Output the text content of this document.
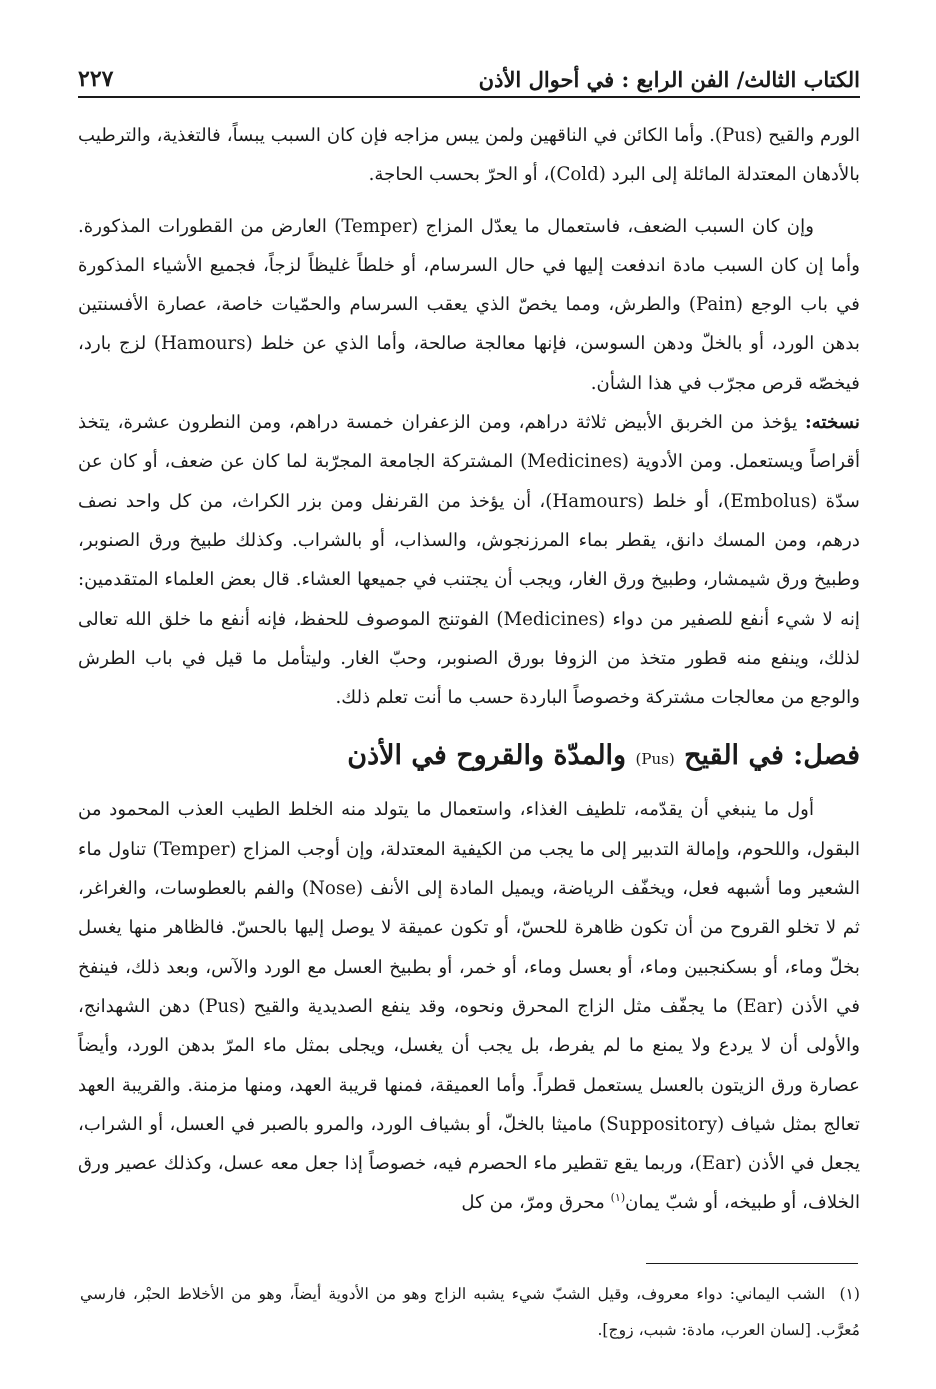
الكتاب الثالث/ الفن الرابع : في أحوال الأذن
٢٢٧

الورم والقيح (Pus). وأما الكائن في الناقهين ولمن يبس مزاجه فإن كان السبب يبساً، فالتغذية، والترطيب بالأدهان المعتدلة المائلة إلى البرد (Cold)، أو الحرّ بحسب الحاجة.

وإن كان السبب الضعف، فاستعمال ما يعدّل المزاج (Temper) العارض من القطورات المذكورة. وأما إن كان السبب مادة اندفعت إليها في حال السرسام، أو خلطاً غليظاً لزجاً، فجميع الأشياء المذكورة في باب الوجع (Pain) والطرش، ومما يخصّ الذي يعقب السرسام والحمّيات خاصة، عصارة الأفسنتين بدهن الورد، أو بالخلّ ودهن السوسن، فإنها معالجة صالحة، وأما الذي عن خلط (Hamours) لزج بارد، فيخصّه قرص مجرّب في هذا الشأن.

نسخته: يؤخذ من الخربق الأبيض ثلاثة دراهم، ومن الزعفران خمسة دراهم، ومن النطرون عشرة، يتخذ أقراصاً ويستعمل. ومن الأدوية (Medicines) المشتركة الجامعة المجرّبة لما كان عن ضعف، أو كان عن سدّة (Embolus)، أو خلط (Hamours)، أن يؤخذ من القرنفل ومن بزر الكراث، من كل واحد نصف درهم، ومن المسك دانق، يقطر بماء المرزنجوش، والسذاب، أو بالشراب. وكذلك طبيخ ورق الصنوبر، وطبيخ ورق شيمشار، وطبيخ ورق الغار، ويجب أن يجتنب في جميعها العشاء. قال بعض العلماء المتقدمين: إنه لا شيء أنفع للصفير من دواء (Medicines) الفوتنج الموصوف للحفظ، فإنه أنفع ما خلق الله تعالى لذلك، وينفع منه قطور متخذ من الزوفا بورق الصنوبر، وحبّ الغار. وليتأمل ما قيل في باب الطرش والوجع من معالجات مشتركة وخصوصاً الباردة حسب ما أنت تعلم ذلك.

فصل: في القيح (Pus) والمدّة والقروح في الأذن

أول ما ينبغي أن يقدّمه، تلطيف الغذاء، واستعمال ما يتولد منه الخلط الطيب العذب المحمود من البقول، واللحوم، وإمالة التدبير إلى ما يجب من الكيفية المعتدلة، وإن أوجب المزاج (Temper) تناول ماء الشعير وما أشبهه فعل، ويخفّف الرياضة، ويميل المادة إلى الأنف (Nose) والفم بالعطوسات، والغراغر، ثم لا تخلو القروح من أن تكون ظاهرة للحسّ، أو تكون عميقة لا يوصل إليها بالحسّ. فالظاهر منها يغسل بخلّ وماء، أو بسكنجبين وماء، أو بعسل وماء، أو خمر، أو بطبيخ العسل مع الورد والآس، وبعد ذلك، فينفخ في الأذن (Ear) ما يجفّف مثل الزاج المحرق ونحوه، وقد ينفع الصديدية والقيح (Pus) دهن الشهدانج، والأولى أن لا يردع ولا يمنع ما لم يفرط، بل يجب أن يغسل، ويجلى بمثل ماء المرّ بدهن الورد، وأيضاً عصارة ورق الزيتون بالعسل يستعمل قطراً. وأما العميقة، فمنها قريبة العهد، ومنها مزمنة. والقريبة العهد تعالج بمثل شياف (Suppository) ماميثا بالخلّ، أو بشياف الورد، والمرو بالصبر في العسل، أو الشراب، يجعل في الأذن (Ear)، وربما يقع تقطير ماء الحصرم فيه، خصوصاً إذا جعل معه عسل، وكذلك عصير ورق الخلاف، أو طبيخه، أو شبّ يمان$^{(١)}$ محرق ومرّ، من كل

(١)  الشب اليماني: دواء معروف، وقيل الشبّ شيء يشبه الزاج وهو من الأدوية أيضاً، وهو من الأخلاط الحبْر، فارسي مُعرَّب. [لسان العرب، مادة: شبب، زوج].
